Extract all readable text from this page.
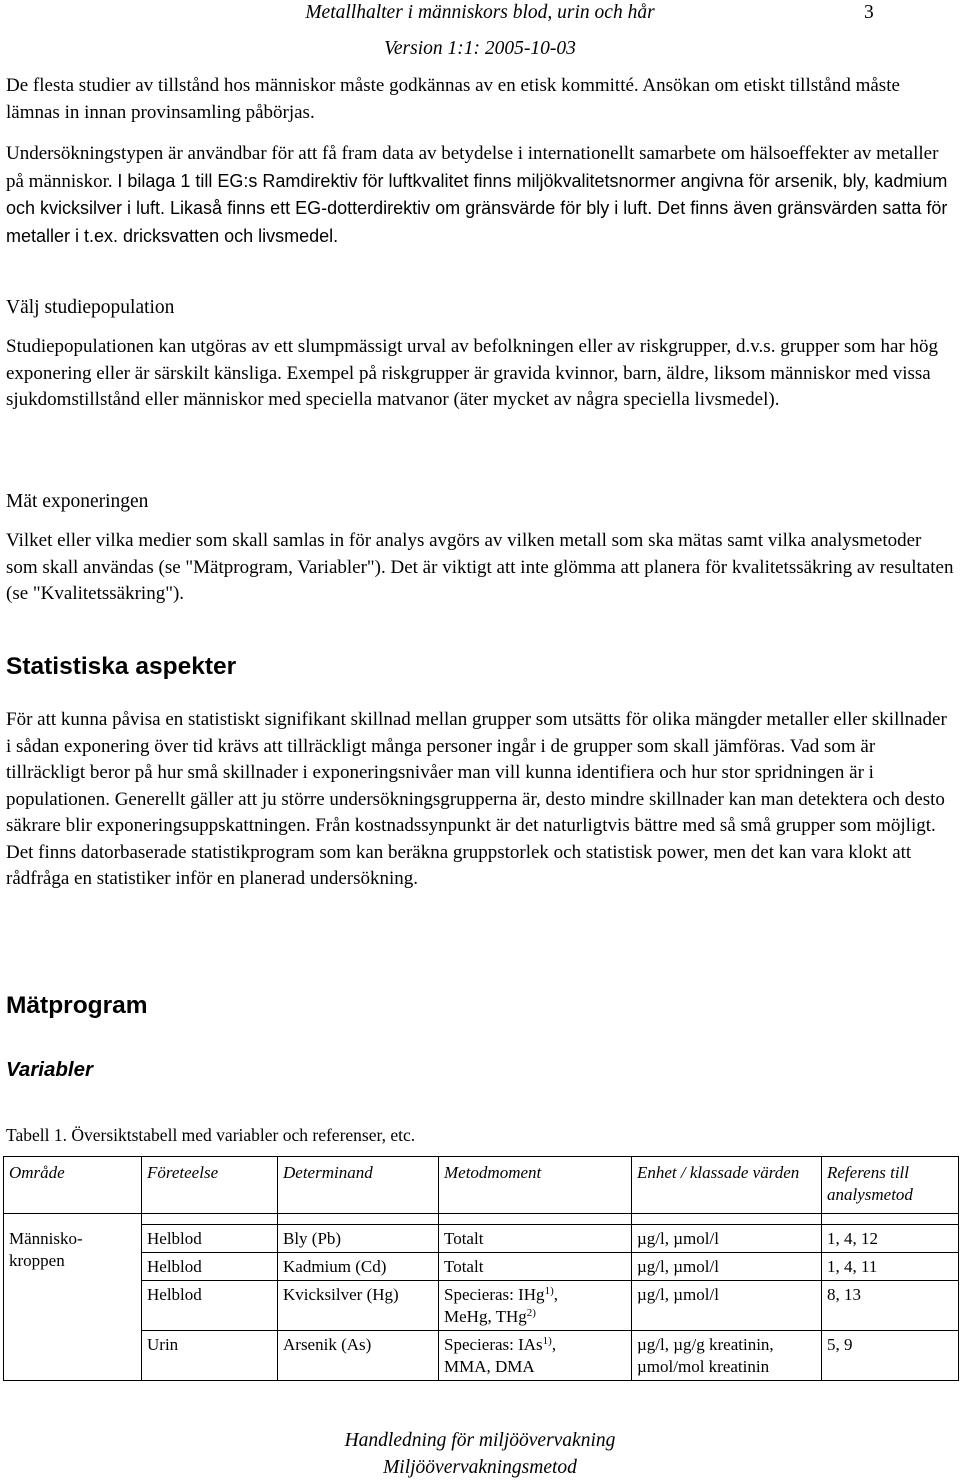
Metallhalter i människors blod, urin och hår
Version 1:1: 2005-10-03
3

De flesta studier av tillstånd hos människor måste godkännas av en etisk kommitté. Ansökan om etiskt tillstånd måste lämnas in innan provinsamling påbörjas.

Undersökningstypen är användbar för att få fram data av betydelse i internationellt samarbete om hälsoeffekter av metaller på människor. I bilaga 1 till EG:s Ramdirektiv för luftkvalitet finns miljökvalitetsnormer angivna för arsenik, bly, kadmium och kvicksilver i luft. Likaså finns ett EG-dotterdirektiv om gränsvärde för bly i luft. Det finns även gränsvärden satta för metaller i t.ex. dricksvatten och livsmedel.

Välj studiepopulation

Studiepopulationen kan utgöras av ett slumpmässigt urval av befolkningen eller av riskgrupper, d.v.s. grupper som har hög exponering eller är särskilt känsliga. Exempel på riskgrupper är gravida kvinnor, barn, äldre, liksom människor med vissa sjukdomstillstånd eller människor med speciella matvanor (äter mycket av några speciella livsmedel).

Mät exponeringen

Vilket eller vilka medier som skall samlas in för analys avgörs av vilken metall som ska mätas samt vilka analysmetoder som skall användas (se "Mätprogram, Variabler"). Det är viktigt att inte glömma att planera för kvalitetssäkring av resultaten (se "Kvalitetssäkring").

Statistiska aspekter

För att kunna påvisa en statistiskt signifikant skillnad mellan grupper som utsätts för olika mängder metaller eller skillnader i sådan exponering över tid krävs att tillräckligt många personer ingår i de grupper som skall jämföras. Vad som är tillräckligt beror på hur små skillnader i exponeringsnivåer man vill kunna identifiera och hur stor spridningen är i populationen. Generellt gäller att ju större undersökningsgrupperna är, desto mindre skillnader kan man detektera och desto säkrare blir exponeringsuppskattningen. Från kostnadssynpunkt är det naturligtvis bättre med så små grupper som möjligt. Det finns datorbaserade statistikprogram som kan beräkna gruppstorlek och statistisk power, men det kan vara klokt att rådfråga en statistiker inför en planerad undersökning.

Mätprogram
Variabler
Tabell 1. Översiktstabell med variabler och referenser, etc.
Område	Företeelse	Determinand	Metodmoment	Enhet / klassade värden	Referens till analysmetod

Människo-kroppen	Helblod	Bly (Pb)	Totalt	µg/l, µmol/l	1, 4, 12
	Helblod	Kadmium (Cd)	Totalt	µg/l, µmol/l	1, 4, 11
	Helblod	Kvicksilver (Hg)	Specieras: IHg$^{1)}$,
MeHg, THg$^{2)}$	µg/l, µmol/l	8, 13
	Urin	Arsenik (As)	Specieras: IAs$^{1)}$,
MMA, DMA	µg/l, µg/g kreatinin, µmol/mol kreatinin	5, 9
Handledning för miljöövervakning
Miljöövervakningsmetod
